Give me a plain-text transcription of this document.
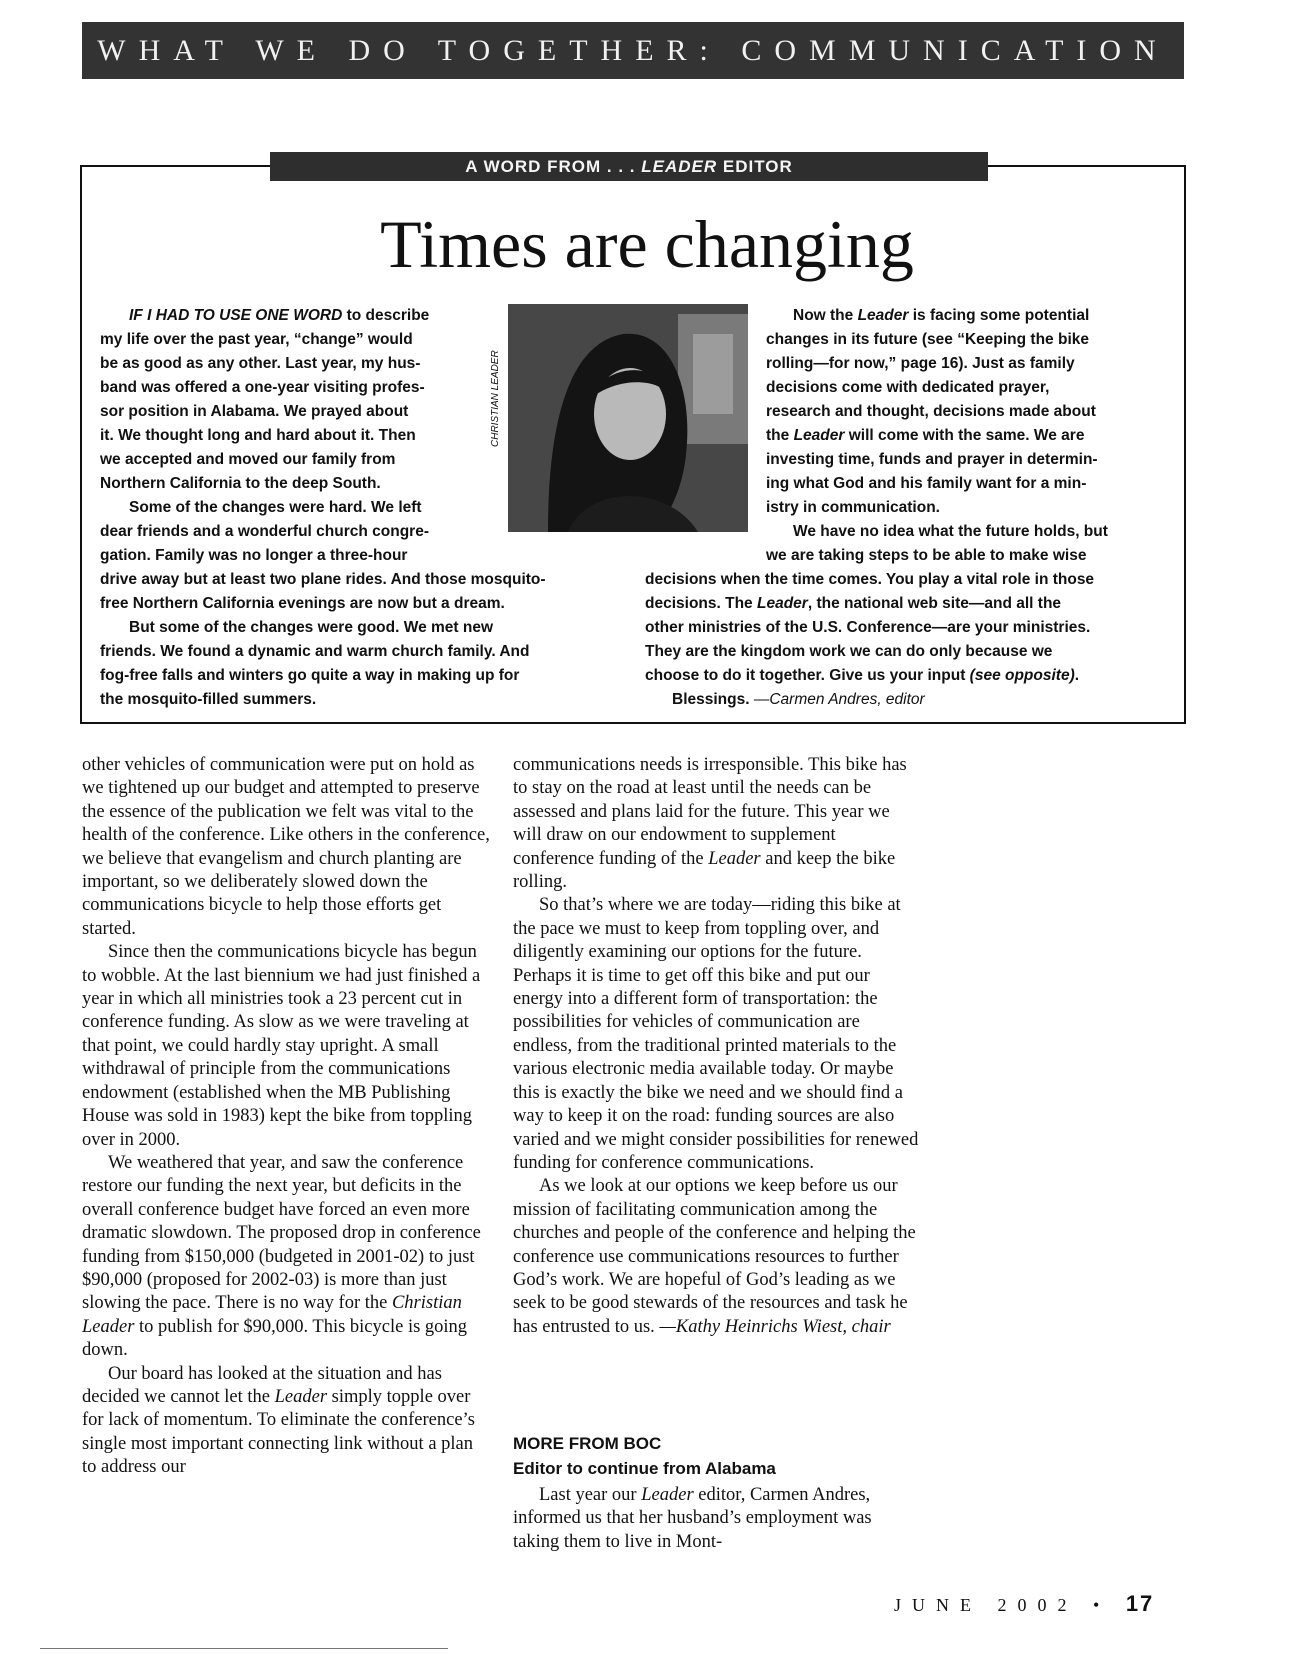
WHAT WE DO TOGETHER: COMMUNICATION
A WORD FROM . . . LEADER EDITOR
Times are changing
CHRISTIAN LEADER

IF I HAD TO USE ONE WORD to describe

my life over the past year, “change” would

be as good as any other. Last year, my hus-

band was offered a one-year visiting profes-

sor position in Alabama. We prayed about

it. We thought long and hard about it. Then

we accepted and moved our family from

Northern California to the deep South.

Some of the changes were hard. We left

dear friends and a wonderful church congre-

gation. Family was no longer a three-hour

drive away but at least two plane rides. And those mosquito-

free Northern California evenings are now but a dream.

But some of the changes were good. We met new

friends. We found a dynamic and warm church family. And

fog-free falls and winters go quite a way in making up for

the mosquito-filled summers.

Now the Leader is facing some potential

changes in its future (see “Keeping the bike

rolling—for now,” page 16). Just as family

decisions come with dedicated prayer,

research and thought, decisions made about

the Leader will come with the same. We are

investing time, funds and prayer in determin-

ing what God and his family want for a min-

istry in communication.

We have no idea what the future holds, but

we are taking steps to be able to make wise

decisions when the time comes. You play a vital role in those

decisions. The Leader, the national web site—and all the

other ministries of the U.S. Conference—are your ministries.

They are the kingdom work we can do only because we

choose to do it together. Give us your input (see opposite).

Blessings. —Carmen Andres, editor

other vehicles of communication were put on hold as we tightened up our budget and attempted to preserve the essence of the publication we felt was vital to the health of the conference. Like others in the conference, we believe that evangelism and church planting are important, so we deliberately slowed down the communications bicycle to help those efforts get started.

Since then the communications bicycle has begun to wobble. At the last biennium we had just finished a year in which all ministries took a 23 percent cut in conference funding. As slow as we were traveling at that point, we could hardly stay upright. A small withdrawal of principle from the communications endowment (established when the MB Publishing House was sold in 1983) kept the bike from toppling over in 2000.

We weathered that year, and saw the conference restore our funding the next year, but deficits in the overall conference budget have forced an even more dramatic slowdown. The proposed drop in conference funding from $150,000 (budgeted in 2001-02) to just $90,000 (proposed for 2002-03) is more than just slowing the pace. There is no way for the Christian Leader to publish for $90,000. This bicycle is going down.

Our board has looked at the situation and has decided we cannot let the Leader simply topple over for lack of momentum. To eliminate the conference’s single most important connecting link without a plan to address our

communications needs is irresponsible. This bike has to stay on the road at least until the needs can be assessed and plans laid for the future. This year we will draw on our endowment to supplement conference funding of the Leader and keep the bike rolling.

So that’s where we are today—riding this bike at the pace we must to keep from toppling over, and diligently examining our options for the future. Perhaps it is time to get off this bike and put our energy into a different form of transportation: the possibilities for vehicles of communication are endless, from the traditional printed materials to the various electronic media available today. Or maybe this is exactly the bike we need and we should find a way to keep it on the road: funding sources are also varied and we might consider possibilities for renewed funding for conference communications.

As we look at our options we keep before us our mission of facilitating communication among the churches and people of the conference and helping the conference use communications resources to further God’s work. We are hopeful of God’s leading as we seek to be good stewards of the resources and task he has entrusted to us. —Kathy Heinrichs Wiest, chair

MORE FROM BOC

Editor to continue from Alabama

Last year our Leader editor, Carmen Andres, informed us that her husband’s employment was taking them to live in Mont-
JUNE 2002 • 17
